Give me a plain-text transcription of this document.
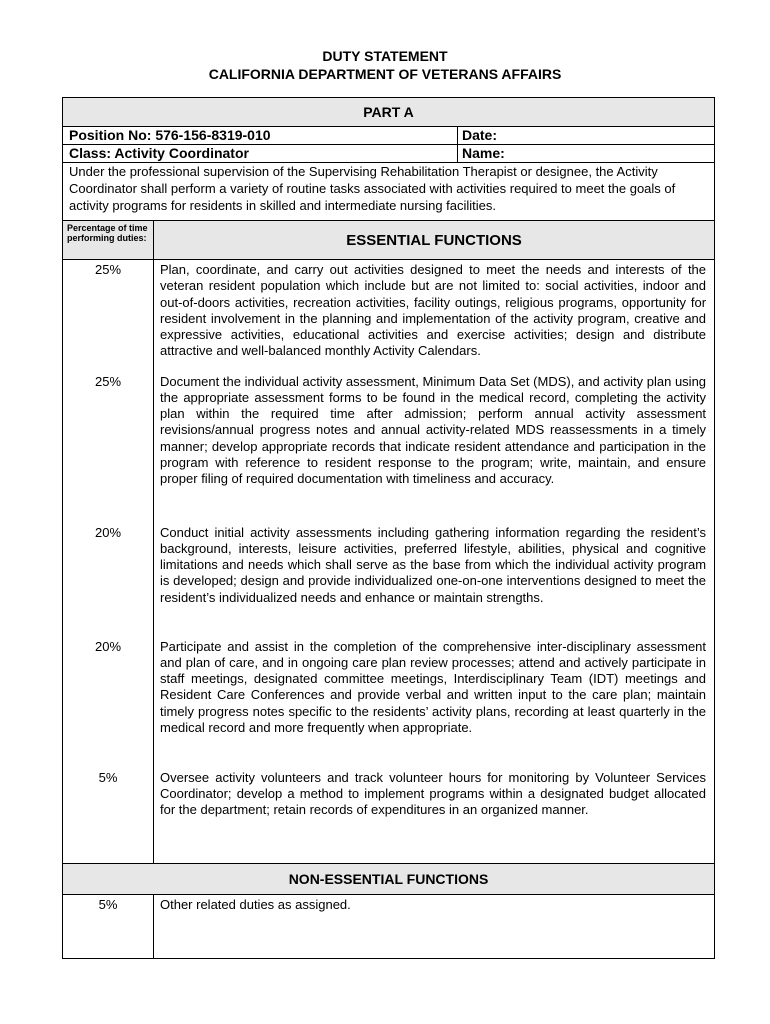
DUTY STATEMENT
CALIFORNIA DEPARTMENT OF VETERANS AFFAIRS
PART A		
Position No: 576-156-8319-010		Date:
Class: Activity Coordinator		Name:
Under the professional supervision of the Supervising Rehabilitation Therapist or designee, the Activity Coordinator shall perform a variety of routine tasks associated with activities required to meet the goals of activity programs for residents in skilled and intermediate nursing facilities.		
Percentage of time performing duties:	ESSENTIAL FUNCTIONS	
25%	Plan, coordinate, and carry out activities designed to meet the needs and interests of the veteran resident population which include but are not limited to: social activities, indoor and out-of-doors activities, recreation activities, facility outings, religious programs, opportunity for resident involvement in the planning and implementation of the activity program, creative and expressive activities, educational activities and exercise activities; design and distribute attractive and well-balanced monthly Activity Calendars.	
25%	Document the individual activity assessment, Minimum Data Set (MDS), and activity plan using the appropriate assessment forms to be found in the medical record, completing the activity plan within the required time after admission; perform annual activity assessment revisions/annual progress notes and annual activity-related MDS reassessments in a timely manner; develop appropriate records that indicate resident attendance and participation in the program with reference to resident response to the program; write, maintain, and ensure proper filing of required documentation with timeliness and accuracy.	
20%	Conduct initial activity assessments including gathering information regarding the resident’s background, interests, leisure activities, preferred lifestyle, abilities, physical and cognitive limitations and needs which shall serve as the base from which the individual activity program is developed; design and provide individualized one-on-one interventions designed to meet the resident’s individualized needs and enhance or maintain strengths.	
20%	Participate and assist in the completion of the comprehensive inter-disciplinary assessment and plan of care, and in ongoing care plan review processes; attend and actively participate in staff meetings, designated committee meetings, Interdisciplinary Team (IDT) meetings and Resident Care Conferences and provide verbal and written input to the care plan; maintain timely progress notes specific to the residents’ activity plans, recording at least quarterly in the medical record and more frequently when appropriate.	
5%	Oversee activity volunteers and track volunteer hours for monitoring by Volunteer Services Coordinator; develop a method to implement programs within a designated budget allocated for the department; retain records of expenditures in an organized manner.	
NON-ESSENTIAL FUNCTIONS		
5%	Other related duties as assigned.	
